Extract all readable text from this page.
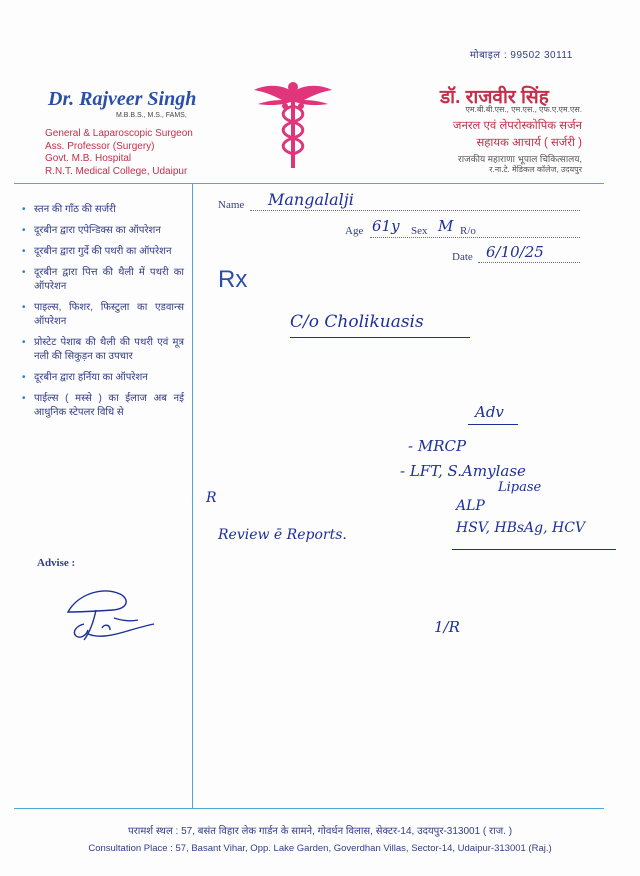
मोबाइल : 99502 30111
Dr. Rajveer Singh
M.B.B.S., M.S., FAMS,
General & Laparoscopic Surgeon
Ass. Professor (Surgery)
Govt. M.B. Hospital
R.N.T. Medical College, Udaipur
डॉ. राजवीर सिंह
एम.बी.बी.एस., एम.एस., एफ.ए.एम.एस.
जनरल एवं लेपरोस्कोपिक सर्जन
सहायक आचार्य ( सर्जरी )
राजकीय महाराणा भूपाल चिकित्सालय,
र.ना.टे. मेडिकल कॉलेज, उदयपुर
• स्तन की गाँठ की सर्जरी
• दूरबीन द्वारा एपेन्डिक्स का ऑपरेशन
• दूरबीन द्वारा गुर्दे की पथरी का ऑपरेशन
• दूरबीन द्वारा पित्त की थैली में पथरी का ऑपरेशन
• पाइल्स, फिशर, फिस्टुला का एडवान्स ऑपरेशन
• प्रोस्टेट पेशाब की थैली की पथरी एवं मूत्र नली की सिकुड़न का उपचार
• दूरबीन द्वारा हर्निया का ऑपरेशन
• पाईल्स ( मस्से ) का ईलाज अब नई आधुनिक स्टेपलर विधि से
Name Mangalalji
Age 61y Sex M R/o
Date 6/10/25
Rx
C/o Cholikuasis
Adv
- MRCP
- LFT, S.Amylase
Lipase
ALP
HSV, HBsAg, HCV
R
Review ē Reports.
1/R
Advise :
परामर्श स्थल : 57, बसंत विहार लेक गार्डन के सामने, गोवर्धन विलास, सेक्टर-14, उदयपुर-313001 ( राज. )
Consultation Place : 57, Basant Vihar, Opp. Lake Garden, Goverdhan Villas, Sector-14, Udaipur-313001 (Raj.)
